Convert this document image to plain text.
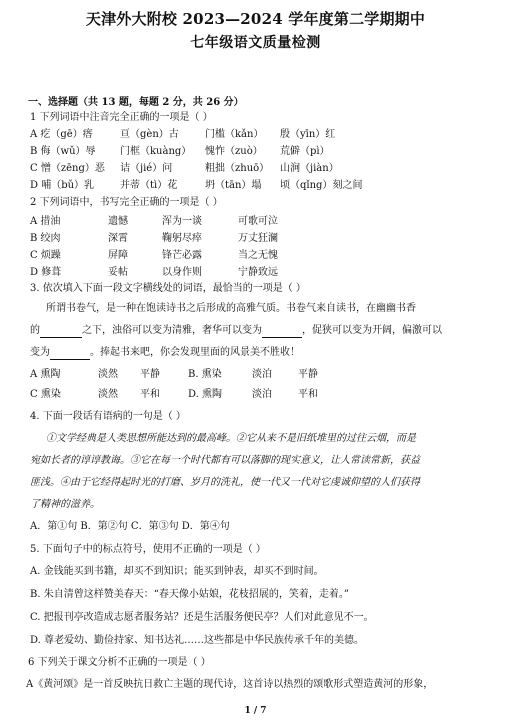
天津外大附校 2023—2024 学年度第二学期期中
七年级语文质量检测
一、选择题（共 13 题，每题 2 分，共 26 分）
1 下列词语中注音完全正确的一项是（ ）
A 疙（gē）瘩	亘（gèn）古	门槛（kǎn） 殷（yīn）红
B 侮（wǔ）辱 门框（kuàng） 愧怍（zuò） 荒僻（pì）
C 憎（zēng）恶 诘（jié）问	粗拙（zhuō） 山涧（jiàn）
D 哺（bǔ）乳	并蒂（tì）花	坍（tān）塌 顷（qǐng）刻之间
2 下列词语中，书写完全正确的一项是（ ）
A 措油	遗憾	浑为一谈	可歌可泣
B 绞肉	深霄	鞠躬尽瘁	万丈狂澜
C 烦躁	屏障	锋芒必露	当之无愧
D 修葺	妥帖	以身作则	宁静致远
3. 依次填入下面一段文字横线处的词语，最恰当的一项是（ ）
所谓书卷气，是一种在饱读诗书之后形成的高雅气质。书卷气来自读书，在幽幽书香
的	之下，浊俗可以变为清雅，奢华可以变为	，促狭可以变为开阔，偏激可以
变为	。捧起书来吧，你会发现里面的风景美不胜收！
A 熏陶	淡然 平静	B. 熏染	淡泊	平静
C 熏染	淡然 平和	D. 熏陶	淡泊	平和
4. 下面一段话有语病的一句是（ ）
①文学经典是人类思想所能达到的最高峰。②它从来不是旧纸堆里的过往云烟，而是
宛如长者的谆谆教诲。③它在每一个时代都有可以落脚的现实意义，让人常读常新，获益
匪浅。④由于它经得起时光的打磨、岁月的洗礼，使一代又一代对它虔诚仰望的人们获得
了精神的滋养。
A．第①句 B．第②句 C．第③句 D．第④句
5. 下面句子中的标点符号，使用不正确的一项是（ ）
A. 金钱能买到书籍，却买不到知识；能买到钟表，却买不到时间。
B. 朱自清曾这样赞美春天：“春天像小姑娘，花枝招展的，笑着，走着。”
C. 把报刊亭改造成志愿者服务站？还是生活服务便民亭？人们对此意见不一。
D. 尊老爱幼、勤俭持家、知书达礼……这些都是中华民族传承千年的美德。
6 下列关于课文分析不正确的一项是（ ）
A《黄河颂》是一首反映抗日救亡主题的现代诗，这首诗以热烈的颂歌形式塑造黄河的形象，
1 / 7
